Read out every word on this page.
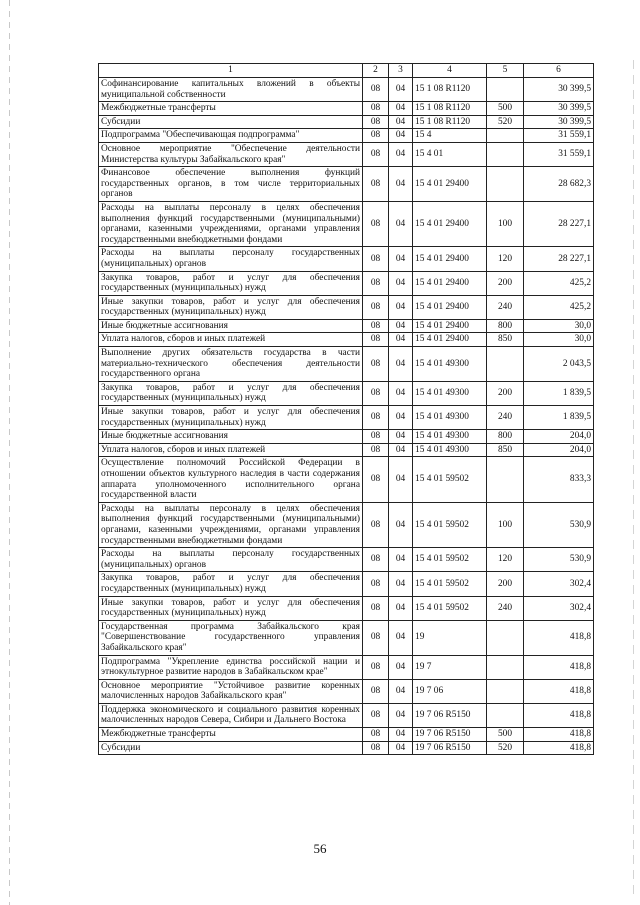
1	2	3	4	5	6
Софинансирование капитальных вложений в объекты муниципальной собственности	08	04	15 1 08 R1120		30 399,5
Межбюджетные трансферты	08	04	15 1 08 R1120	500	30 399,5
Субсидии	08	04	15 1 08 R1120	520	30 399,5
Подпрограмма "Обеспечивающая подпрограмма"	08	04	15 4		31 559,1
Основное мероприятие "Обеспечение деятельности Министерства культуры Забайкальского края"	08	04	15 4 01		31 559,1
Финансовое обеспечение выполнения функций государственных органов, в том числе территориальных органов	08	04	15 4 01 29400		28 682,3
Расходы на выплаты персоналу в целях обеспечения выполнения функций государственными (муниципальными) органами, казенными учреждениями, органами управления государственными внебюджетными фондами	08	04	15 4 01 29400	100	28 227,1
Расходы на выплаты персоналу государственных (муниципальных) органов	08	04	15 4 01 29400	120	28 227,1
Закупка товаров, работ и услуг для обеспечения государственных (муниципальных) нужд	08	04	15 4 01 29400	200	425,2
Иные закупки товаров, работ и услуг для обеспечения государственных (муниципальных) нужд	08	04	15 4 01 29400	240	425,2
Иные бюджетные ассигнования	08	04	15 4 01 29400	800	30,0
Уплата налогов, сборов и иных платежей	08	04	15 4 01 29400	850	30,0
Выполнение других обязательств государства в части материально-технического обеспечения деятельности государственного органа	08	04	15 4 01 49300		2 043,5
Закупка товаров, работ и услуг для обеспечения государственных (муниципальных) нужд	08	04	15 4 01 49300	200	1 839,5
Иные закупки товаров, работ и услуг для обеспечения государственных (муниципальных) нужд	08	04	15 4 01 49300	240	1 839,5
Иные бюджетные ассигнования	08	04	15 4 01 49300	800	204,0
Уплата налогов, сборов и иных платежей	08	04	15 4 01 49300	850	204,0
Осуществление полномочий Российской Федерации в отношении объектов культурного наследия в части содержания аппарата уполномоченного исполнительного органа государственной власти	08	04	15 4 01 59502		833,3
Расходы на выплаты персоналу в целях обеспечения выполнения функций государственными (муниципальными) органами, казенными учреждениями, органами управления государственными внебюджетными фондами	08	04	15 4 01 59502	100	530,9
Расходы на выплаты персоналу государственных (муниципальных) органов	08	04	15 4 01 59502	120	530,9
Закупка товаров, работ и услуг для обеспечения государственных (муниципальных) нужд	08	04	15 4 01 59502	200	302,4
Иные закупки товаров, работ и услуг для обеспечения государственных (муниципальных) нужд	08	04	15 4 01 59502	240	302,4
Государственная программа Забайкальского края "Совершенствование государственного управления Забайкальского края"	08	04	19		418,8
Подпрограмма "Укрепление единства российской нации и этнокультурное развитие народов в Забайкальском крае"	08	04	19 7		418,8
Основное мероприятие "Устойчивое развитие коренных малочисленных народов Забайкальского края"	08	04	19 7 06		418,8
Поддержка экономического и социального развития коренных малочисленных народов Севера, Сибири и Дальнего Востока	08	04	19 7 06 R5150		418,8
Межбюджетные трансферты	08	04	19 7 06 R5150	500	418,8
Субсидии	08	04	19 7 06 R5150	520	418,8
56
